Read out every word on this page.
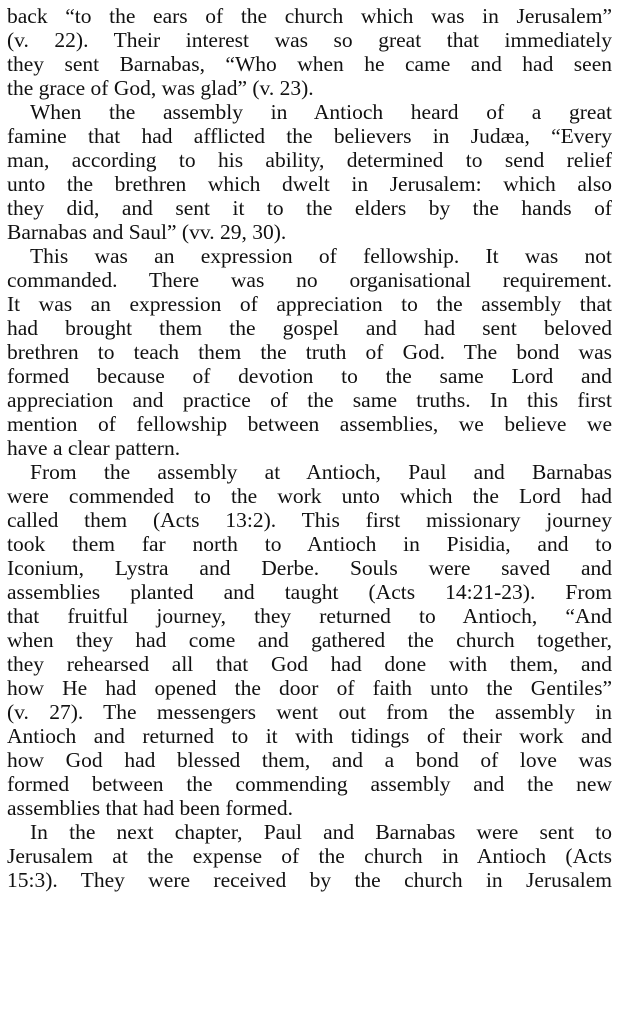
back “to the ears of the church which was in Jerusalem”
(v. 22). Their interest was so great that immediately
they sent Barnabas, “Who when he came and had seen
the grace of God, was glad” (v. 23).
When the assembly in Antioch heard of a great
famine that had afflicted the believers in Judæa, “Every
man, according to his ability, determined to send relief
unto the brethren which dwelt in Jerusalem: which also
they did, and sent it to the elders by the hands of
Barnabas and Saul” (vv. 29, 30).
This was an expression of fellowship. It was not
commanded. There was no organisational requirement.
It was an expression of appreciation to the assembly that
had brought them the gospel and had sent beloved
brethren to teach them the truth of God. The bond was
formed because of devotion to the same Lord and
appreciation and practice of the same truths. In this first
mention of fellowship between assemblies, we believe we
have a clear pattern.
From the assembly at Antioch, Paul and Barnabas
were commended to the work unto which the Lord had
called them (Acts 13:2). This first missionary journey
took them far north to Antioch in Pisidia, and to
Iconium, Lystra and Derbe. Souls were saved and
assemblies planted and taught (Acts 14:21-23). From
that fruitful journey, they returned to Antioch, “And
when they had come and gathered the church together,
they rehearsed all that God had done with them, and
how He had opened the door of faith unto the Gentiles”
(v. 27). The messengers went out from the assembly in
Antioch and returned to it with tidings of their work and
how God had blessed them, and a bond of love was
formed between the commending assembly and the new
assemblies that had been formed.
In the next chapter, Paul and Barnabas were sent to
Jerusalem at the expense of the church in Antioch (Acts
15:3). They were received by the church in Jerusalem
